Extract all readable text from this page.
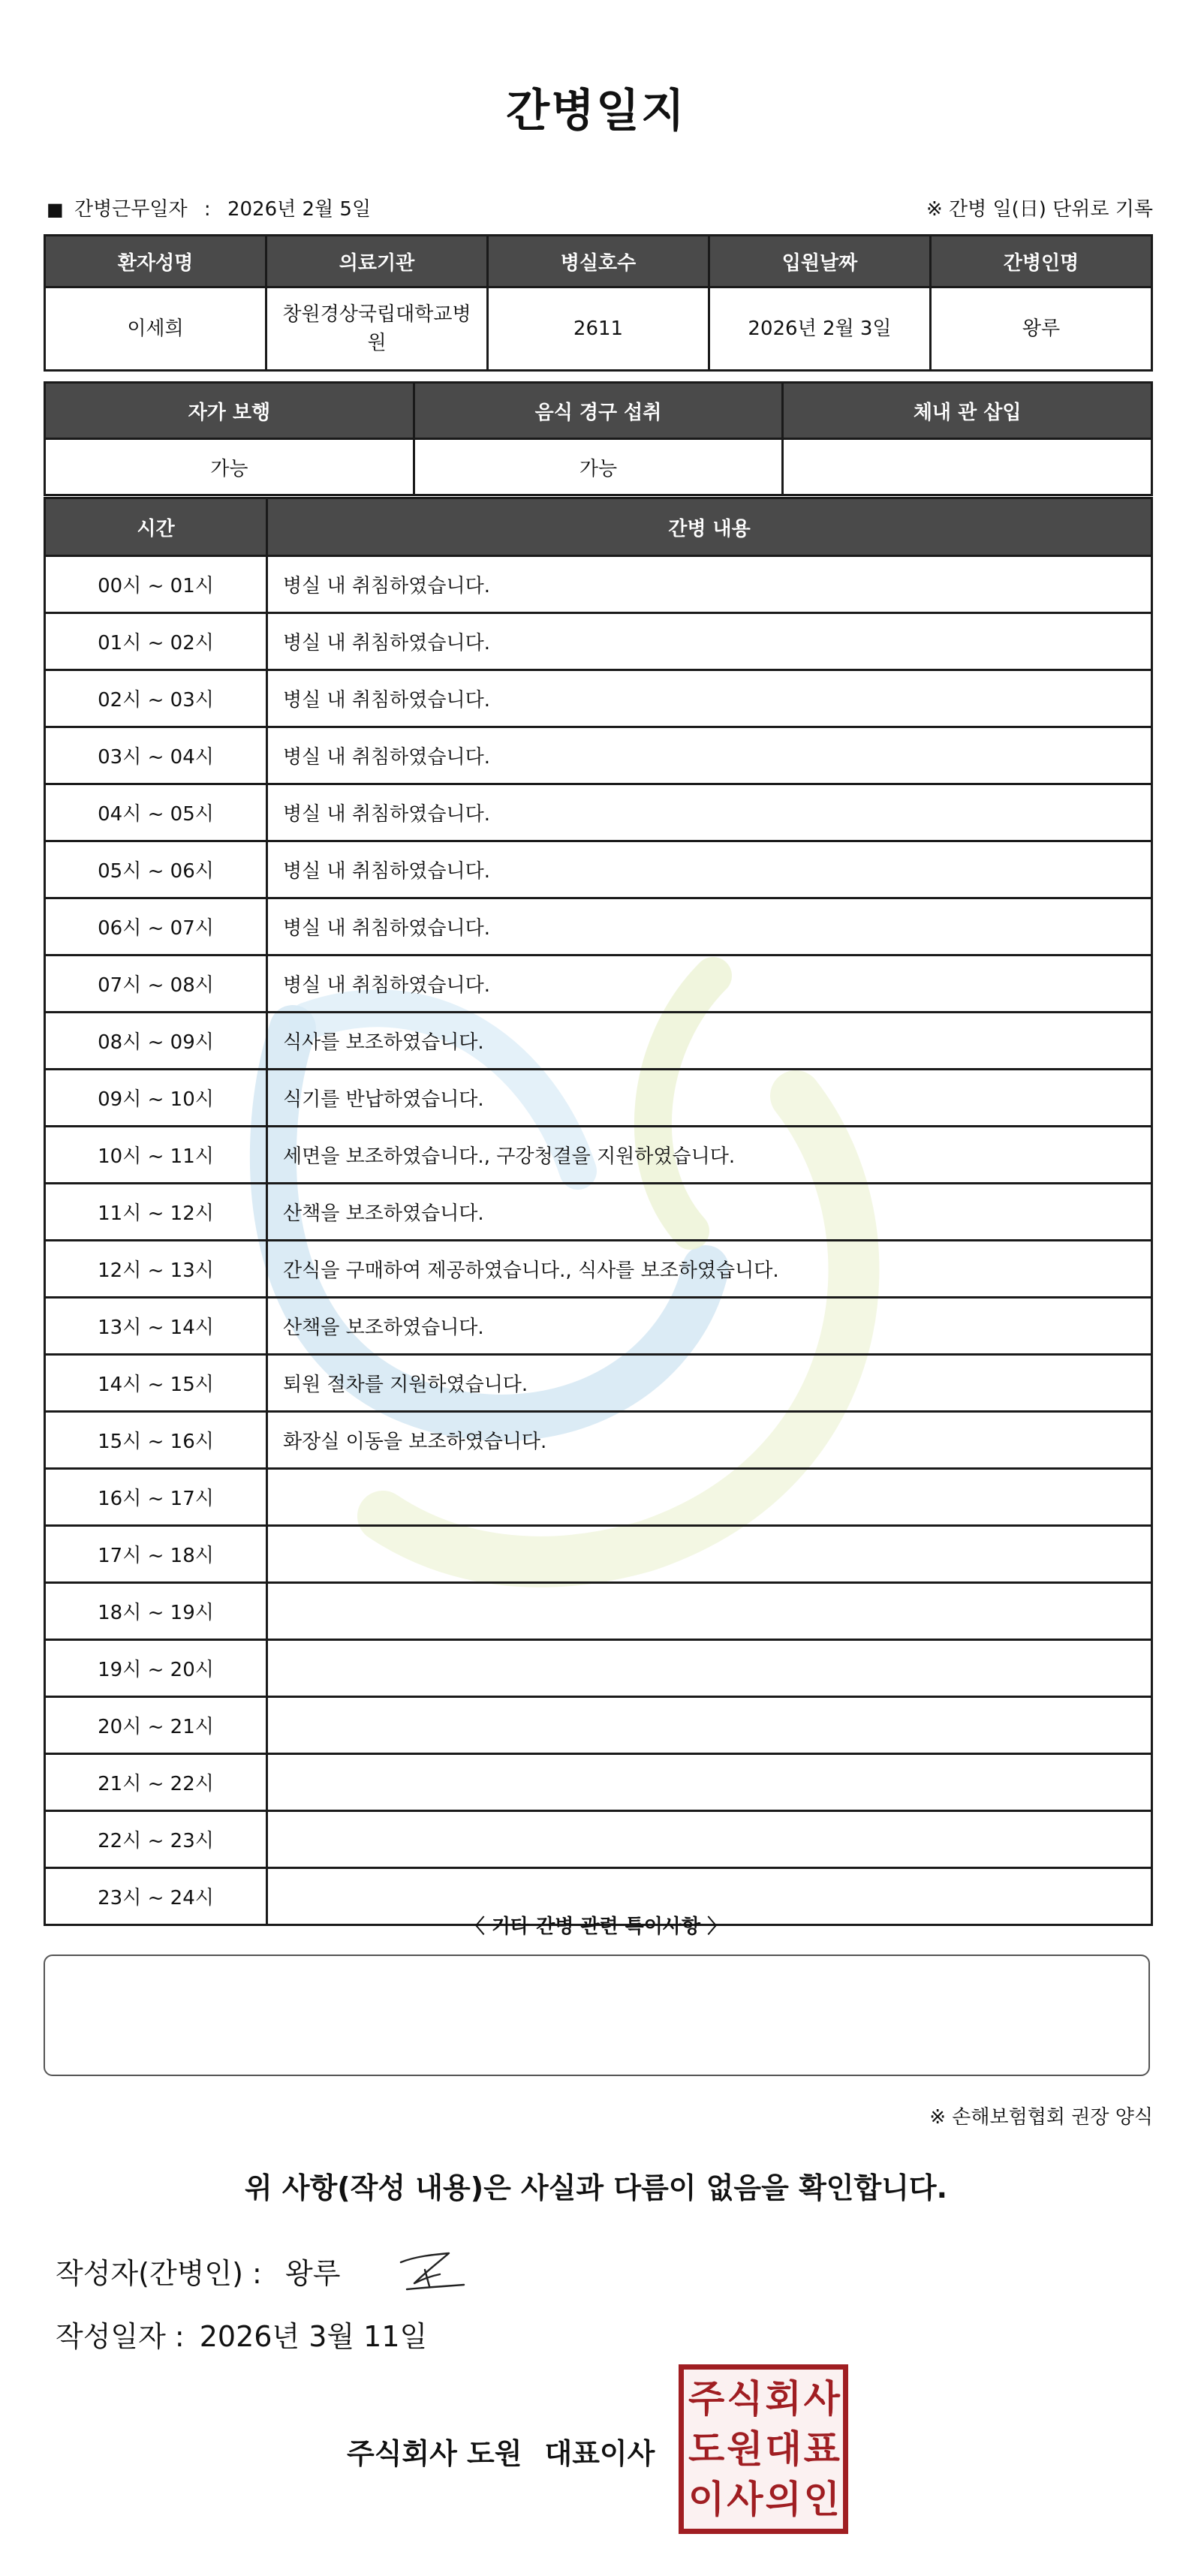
간병일지
■ 간병근무일자 : 2026년 2월 5일	※ 간병 일(日) 단위로 기록
환자성명	의료기관	병실호수	입원날짜	간병인명
이세희	창원경상국립대학교병원	2611	2026년 2월 3일	왕루
자가 보행	음식 경구 섭취	체내 관 삽입
가능	가능	
시간	간병 내용
00시 ~ 01시	병실 내 취침하였습니다.
01시 ~ 02시	병실 내 취침하였습니다.
02시 ~ 03시	병실 내 취침하였습니다.
03시 ~ 04시	병실 내 취침하였습니다.
04시 ~ 05시	병실 내 취침하였습니다.
05시 ~ 06시	병실 내 취침하였습니다.
06시 ~ 07시	병실 내 취침하였습니다.
07시 ~ 08시	병실 내 취침하였습니다.
08시 ~ 09시	식사를 보조하였습니다.
09시 ~ 10시	식기를 반납하였습니다.
10시 ~ 11시	세면을 보조하였습니다., 구강청결을 지원하였습니다.
11시 ~ 12시	산책을 보조하였습니다.
12시 ~ 13시	간식을 구매하여 제공하였습니다., 식사를 보조하였습니다.
13시 ~ 14시	산책을 보조하였습니다.
14시 ~ 15시	퇴원 절차를 지원하였습니다.
15시 ~ 16시	화장실 이동을 보조하였습니다.
16시 ~ 17시	
17시 ~ 18시	
18시 ~ 19시	
19시 ~ 20시	
20시 ~ 21시	
21시 ~ 22시	
22시 ~ 23시	
23시 ~ 24시	
〈 기타 간병 관련 특이사항 〉
※ 손해보험협회 권장 양식
위 사항(작성 내용)은 사실과 다름이 없음을 확인합니다.
작성자(간병인) : 왕루
작성일자 : 2026년 3월 11일
주식회사 도원 대표이사
주 식 회 사
도 원 대 표
이 사 의 인
